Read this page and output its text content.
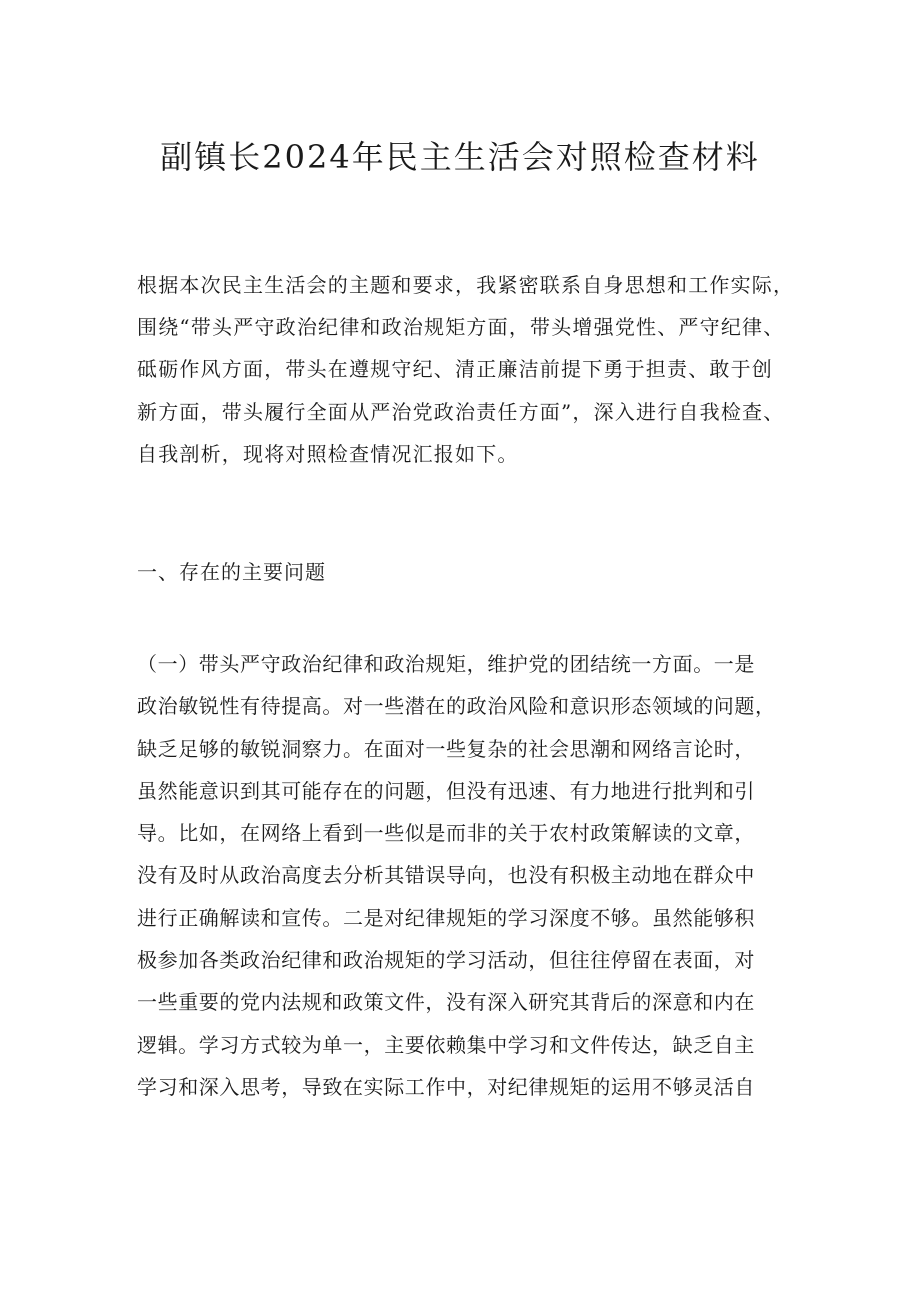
副镇长2024年民主生活会对照检查材料
根据本次民主生活会的主题和要求，我紧密联系自身思想和工作实际，
围绕“带头严守政治纪律和政治规矩方面，带头增强党性、严守纪律、
砥砺作风方面，带头在遵规守纪、清正廉洁前提下勇于担责、敢于创
新方面，带头履行全面从严治党政治责任方面”，深入进行自我检查、
自我剖析，现将对照检查情况汇报如下。
一、存在的主要问题
（一）带头严守政治纪律和政治规矩，维护党的团结统一方面。一是
政治敏锐性有待提高。对一些潜在的政治风险和意识形态领域的问题，
缺乏足够的敏锐洞察力。在面对一些复杂的社会思潮和网络言论时，
虽然能意识到其可能存在的问题，但没有迅速、有力地进行批判和引
导。比如，在网络上看到一些似是而非的关于农村政策解读的文章，
没有及时从政治高度去分析其错误导向，也没有积极主动地在群众中
进行正确解读和宣传。二是对纪律规矩的学习深度不够。虽然能够积
极参加各类政治纪律和政治规矩的学习活动，但往往停留在表面，对
一些重要的党内法规和政策文件，没有深入研究其背后的深意和内在
逻辑。学习方式较为单一，主要依赖集中学习和文件传达，缺乏自主
学习和深入思考，导致在实际工作中，对纪律规矩的运用不够灵活自
